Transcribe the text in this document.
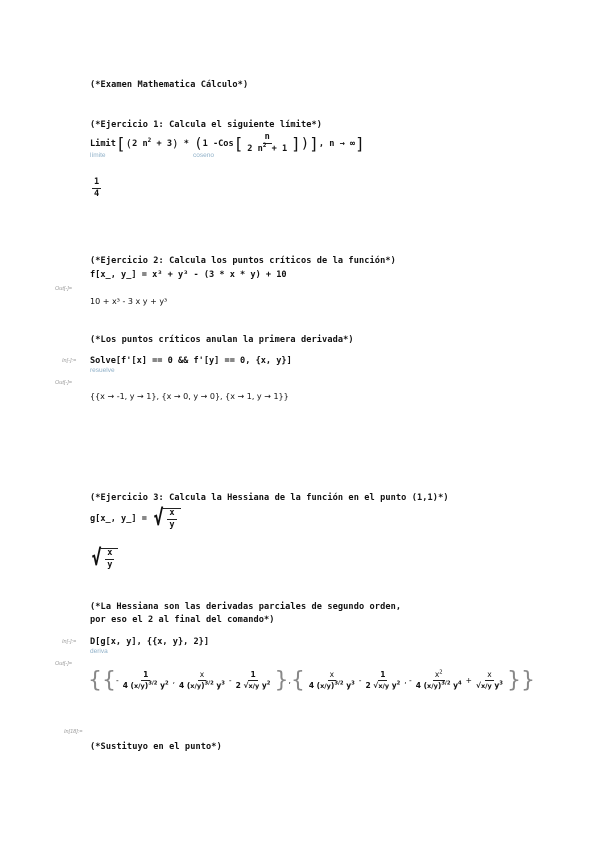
(*Examen Mathematica Cálculo*)
(*Ejercicio 1: Calcula el siguiente límite*)
Limit [ ( 2 $n^2 + 3$ ) * ( 1 - Cos [ $\frac{n}{2 n^2 + 1}$ ] ) ] , n → ∞ ]
límite	coseno
$\frac{1}{4}$
(*Ejercicio 2: Calcula los puntos críticos de la función*)
f[x_, y_] = x³ + y³ - (3 * x * y) + 10
Out[-]=
10 + x³ - 3 x y + y³
(*Los puntos críticos anulan la primera derivada*)
In[-]:= Solve[f'[x] == 0 && f'[y] == 0, {x, y}]
resuelve
Out[-]=
{{x → -1, y → 1}, {x → 0, y → 0}, {x → 1, y → 1}}
(*Ejercicio 3: Calcula la Hessiana de la función en el punto (1,1)*)
g[x_, y_] =
√ $\frac{x}{y}$
√ $\frac{x}{y}$
(*La Hessiana son las derivadas parciales de segundo orden,
por eso el 2 al final del comando*)
In[-]:= D[g[x, y], {{x, y}, 2}]
deriva
Out[-]=
{{ - $\frac{1}{4 (x/y)^{3/2} y^2}$ , $\frac{x}{4 (x/y)^{3/2} y^3} - \frac{1}{2 √x/y y^2}$ } , { $\frac{x}{4 (x/y)^{3/2} y^3} - \frac{1}{2 √x/y y^2}$ , - $\frac{x^2}{4 (x/y)^{3/2} y^4} + \frac{x}{√x/y y^3}$ }}
In[18]:=
(*Sustituyo en el punto*)
